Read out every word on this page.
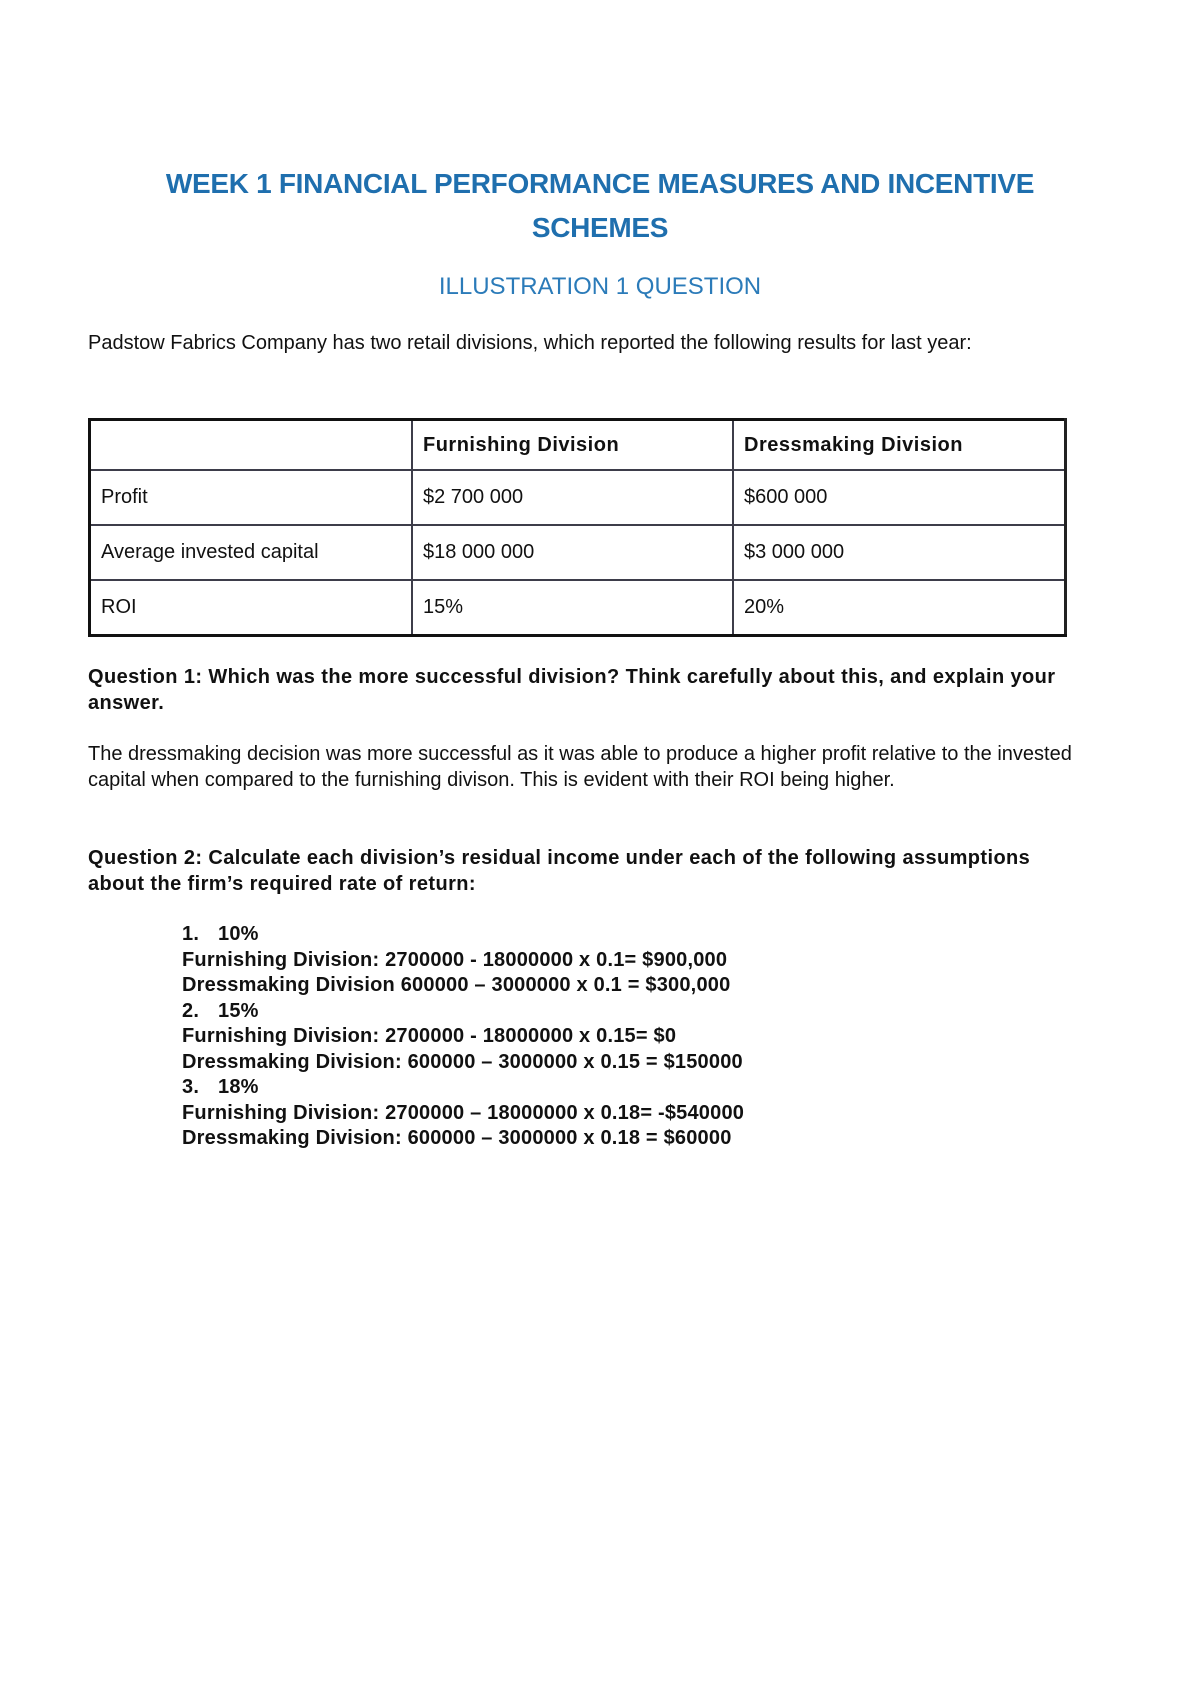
WEEK 1 FINANCIAL PERFORMANCE MEASURES AND INCENTIVE
SCHEMES
ILLUSTRATION 1 QUESTION
Padstow Fabrics Company has two retail divisions, which reported the following results for last year:
	Furnishing Division	Dressmaking Division
Profit	$2 700 000	$600 000
Average invested capital	$18 000 000	$3 000 000
ROI	15%	20%
Question 1: Which was the more successful division? Think carefully about this, and explain your answer.
The dressmaking decision was more successful as it was able to produce a higher profit relative to the invested capital when compared to the furnishing divison. This is evident with their ROI being higher.
Question 2: Calculate each division’s residual income under each of the following assumptions about the firm’s required rate of return:
1. 10%
Furnishing Division: 2700000 - 18000000 x 0.1= $900,000
Dressmaking Division 600000 – 3000000 x 0.1 = $300,000
2. 15%
Furnishing Division: 2700000 - 18000000 x 0.15= $0
Dressmaking Division: 600000 – 3000000 x 0.15 = $150000
3. 18%
Furnishing Division: 2700000 – 18000000 x 0.18= -$540000
Dressmaking Division: 600000 – 3000000 x 0.18 = $60000
